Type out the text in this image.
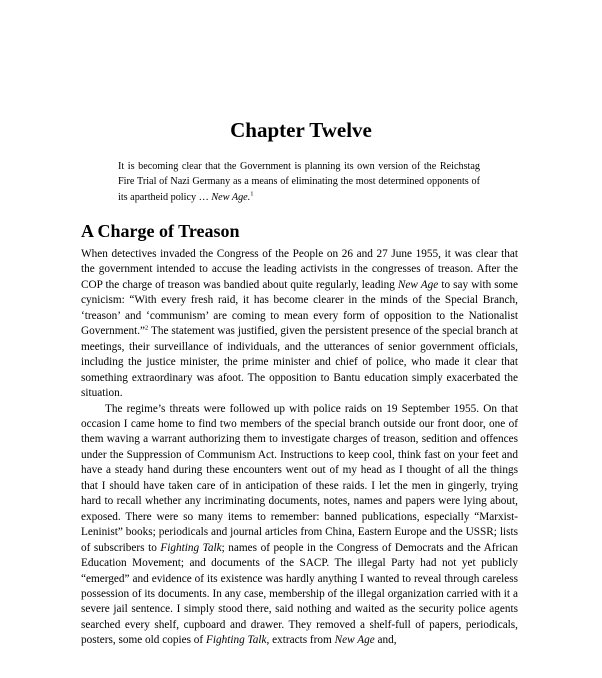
Chapter Twelve
It is becoming clear that the Government is planning its own version of the Reichstag Fire Trial of Nazi Germany as a means of eliminating the most determined opponents of its apartheid policy … New Age.$^1$
A Charge of Treason

When detectives invaded the Congress of the People on 26 and 27 June 1955, it was clear that the government intended to accuse the leading activists in the congresses of treason. After the COP the charge of treason was bandied about quite regularly, leading New Age to say with some cynicism: “With every fresh raid, it has become clearer in the minds of the Special Branch, ‘treason’ and ‘communism’ are coming to mean every form of opposition to the Nationalist Government.”$^2$ The statement was justified, given the persistent presence of the special branch at meetings, their surveillance of individuals, and the utterances of senior government officials, including the justice minister, the prime minister and chief of police, who made it clear that something extraordinary was afoot. The opposition to Bantu education simply exacerbated the situation.

The regime’s threats were followed up with police raids on 19 September 1955. On that occasion I came home to find two members of the special branch outside our front door, one of them waving a warrant authorizing them to investigate charges of treason, sedition and offences under the Suppression of Communism Act. Instructions to keep cool, think fast on your feet and have a steady hand during these encounters went out of my head as I thought of all the things that I should have taken care of in anticipation of these raids. I let the men in gingerly, trying hard to recall whether any incriminating documents, notes, names and papers were lying about, exposed. There were so many items to remember: banned publications, especially “Marxist-Leninist” books; periodicals and journal articles from China, Eastern Europe and the USSR; lists of subscribers to Fighting Talk; names of people in the Congress of Democrats and the African Education Movement; and documents of the SACP. The illegal Party had not yet publicly “emerged” and evidence of its existence was hardly anything I wanted to reveal through careless possession of its documents. In any case, membership of the illegal organization carried with it a severe jail sentence. I simply stood there, said nothing and waited as the security police agents searched every shelf, cupboard and drawer. They removed a shelf-full of papers, periodicals, posters, some old copies of Fighting Talk, extracts from New Age and,
